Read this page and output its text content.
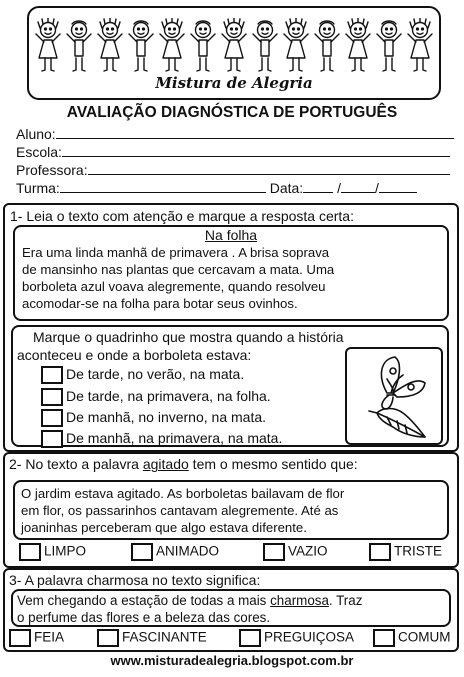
Mistura de Alegria
AVALIAÇÃO DIAGNÓSTICA DE PORTUGUÊS
Aluno:
Escola:
Professora:
Turma:	Data: / /
1- Leia o texto com atenção e marque a resposta certa:
Na folha
Era uma linda manhã de primavera . A brisa soprava
de mansinho nas plantas que cercavam a mata. Uma
borboleta azul voava alegremente, quando resolveu
acomodar-se na folha para botar seus ovinhos.
Marque o quadrinho que mostra quando a história
aconteceu e onde a borboleta estava:
De tarde, no verão, na mata.
De tarde, na primavera, na folha.
De manhã, no inverno, na mata.
De manhã, na primavera, na mata.
2- No texto a palavra agitado tem o mesmo sentido que:
O jardim estava agitado. As borboletas bailavam de flor
em flor, os passarinhos cantavam alegremente. Até as
joaninhas perceberam que algo estava diferente.
LIMPO	ANIMADO	VAZIO	TRISTE
3- A palavra charmosa no texto significa:
Vem chegando a estação de todas a mais charmosa. Traz
o perfume das flores e a beleza das cores.
FEIA	FASCINANTE	PREGUIÇOSA	COMUM
www.misturadealegria.blogspot.com.br
